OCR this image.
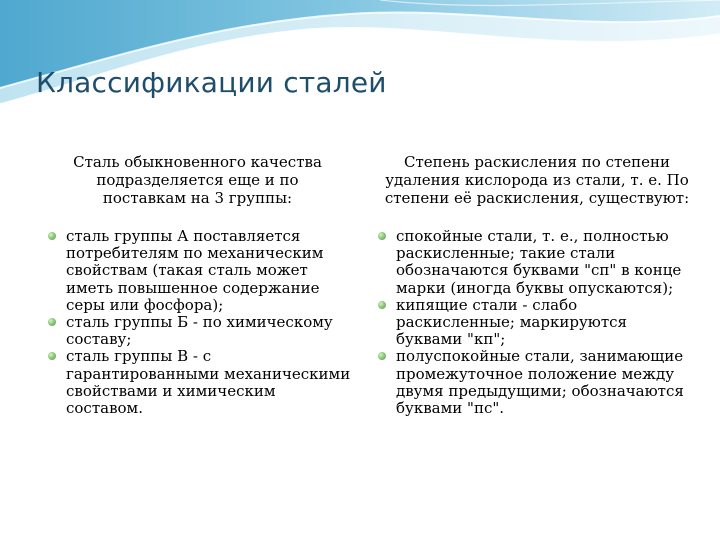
Классификации сталей

Сталь обыкновенного качества подразделяется еще и по поставкам на 3 группы:

сталь группы А поставляется потребителям по механическим свойствам (такая сталь может иметь повышенное содержание серы или фосфора);
сталь группы Б - по химическому составу;
сталь группы В - с гарантированными механическими свойствами и химическим составом.

Степень раскисления по степени удаления кислорода из стали, т. е. По степени её раскисления, существуют:

спокойные стали, т. е., полностью раскисленные; такие стали обозначаются буквами "сп" в конце марки (иногда буквы опускаются);
кипящие стали - слабо раскисленные; маркируются буквами "кп";
полуспокойные стали, занимающие промежуточное положение между двумя предыдущими; обозначаются буквами "пс".
